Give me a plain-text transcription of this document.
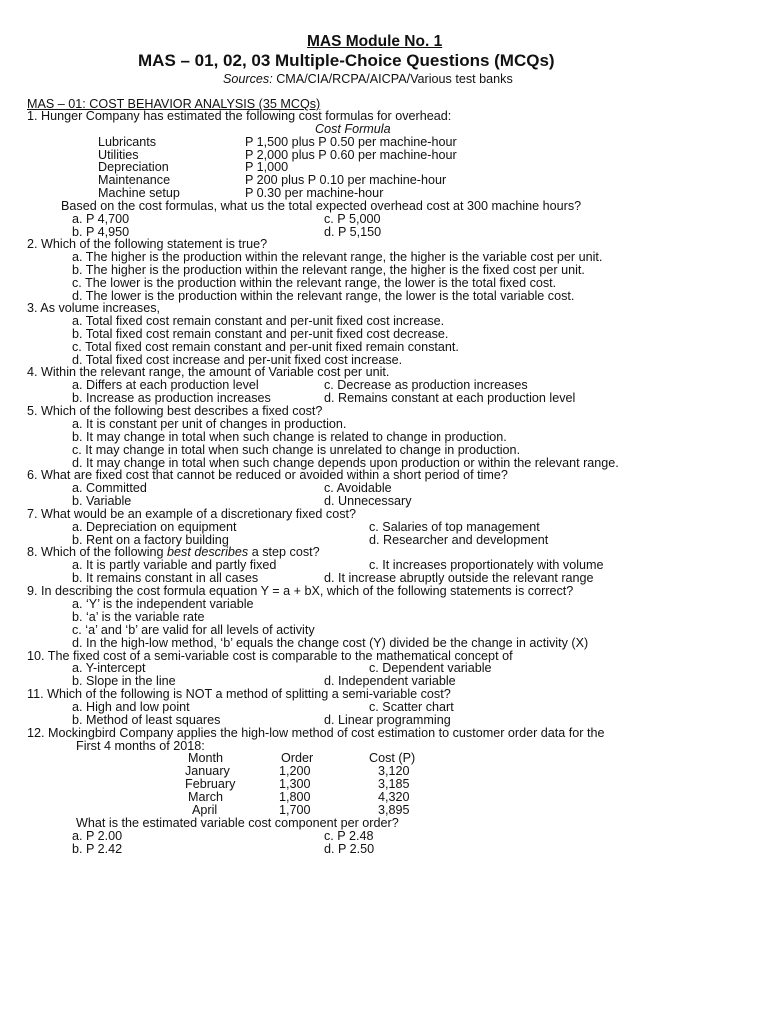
MAS Module No. 1
MAS – 01, 02, 03 Multiple-Choice Questions (MCQs)
Sources: CMA/CIA/RCPA/AICPA/Various test banks
MAS – 01: COST BEHAVIOR ANALYSIS (35 MCQs)
1. Hunger Company has estimated the following cost formulas for overhead:
Cost Formula
Lubricants	P 1,500 plus P 0.50 per machine-hour
Utilities	P 2,000 plus P 0.60 per machine-hour
Depreciation	P 1,000
Maintenance	P 200 plus P 0.10 per machine-hour
Machine setup	P 0.30 per machine-hour
Based on the cost formulas, what us the total expected overhead cost at 300 machine hours?
a. P 4,700	c. P 5,000
b. P 4,950	d. P 5,150
2. Which of the following statement is true?
a. The higher is the production within the relevant range, the higher is the variable cost per unit.
b. The higher is the production within the relevant range, the higher is the fixed cost per unit.
c. The lower is the production within the relevant range, the lower is the total fixed cost.
d. The lower is the production within the relevant range, the lower is the total variable cost.
3. As volume increases,
a. Total fixed cost remain constant and per-unit fixed cost increase.
b. Total fixed cost remain constant and per-unit fixed cost decrease.
c. Total fixed cost remain constant and per-unit fixed remain constant.
d. Total fixed cost increase and per-unit fixed cost increase.
4. Within the relevant range, the amount of Variable cost per unit.
a. Differs at each production level	c. Decrease as production increases
b. Increase as production increases	d. Remains constant at each production level
5. Which of the following best describes a fixed cost?
a. It is constant per unit of changes in production.
b. It may change in total when such change is related to change in production.
c. It may change in total when such change is unrelated to change in production.
d. It may change in total when such change depends upon production or within the relevant range.
6. What are fixed cost that cannot be reduced or avoided within a short period of time?
a. Committed	c. Avoidable
b. Variable	d. Unnecessary
7. What would be an example of a discretionary fixed cost?
a. Depreciation on equipment	c. Salaries of top management
b. Rent on a factory building	d. Researcher and development
8. Which of the following best describes a step cost?
a. It is partly variable and partly fixed	c. It increases proportionately with volume
b. It remains constant in all cases	d. It increase abruptly outside the relevant range
9. In describing the cost formula equation Y = a + bX, which of the following statements is correct?
a. ‘Y’ is the independent variable
b. ‘a’ is the variable rate
c. ‘a’ and ‘b’ are valid for all levels of activity
d. In the high-low method, ‘b’ equals the change cost (Y) divided be the change in activity (X)
10. The fixed cost of a semi-variable cost is comparable to the mathematical concept of
a. Y-intercept	c. Dependent variable
b. Slope in the line	d. Independent variable
11. Which of the following is NOT a method of splitting a semi-variable cost?
a. High and low point	c. Scatter chart
b. Method of least squares	d. Linear programming
12. Mockingbird Company applies the high-low method of cost estimation to customer order data for the
First 4 months of 2018:
Month	Order	Cost (P)
January	1,200	3,120
February	1,300	3,185
March	1,800	4,320
April	1,700	3,895
What is the estimated variable cost component per order?
a. P 2.00	c. P 2.48
b. P 2.42	d. P 2.50
